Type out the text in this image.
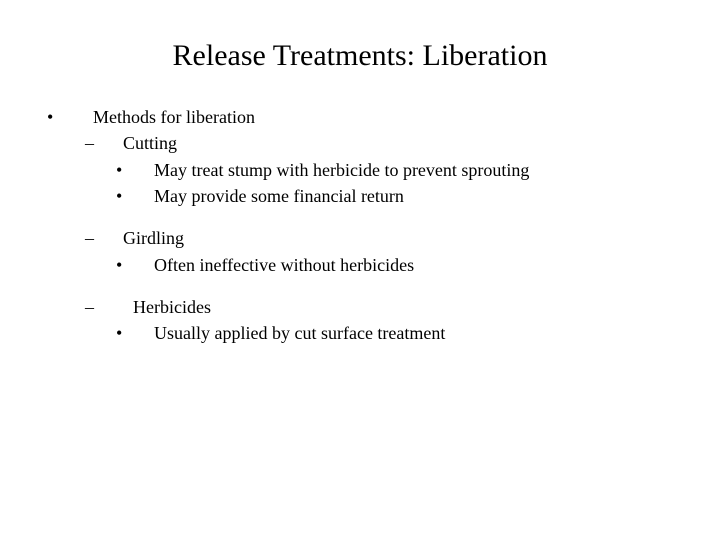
Release Treatments: Liberation
• Methods for liberation
– Cutting
• May treat stump with herbicide to prevent sprouting
• May provide some financial return
– Girdling
• Often ineffective without herbicides
– Herbicides
• Usually applied by cut surface treatment
